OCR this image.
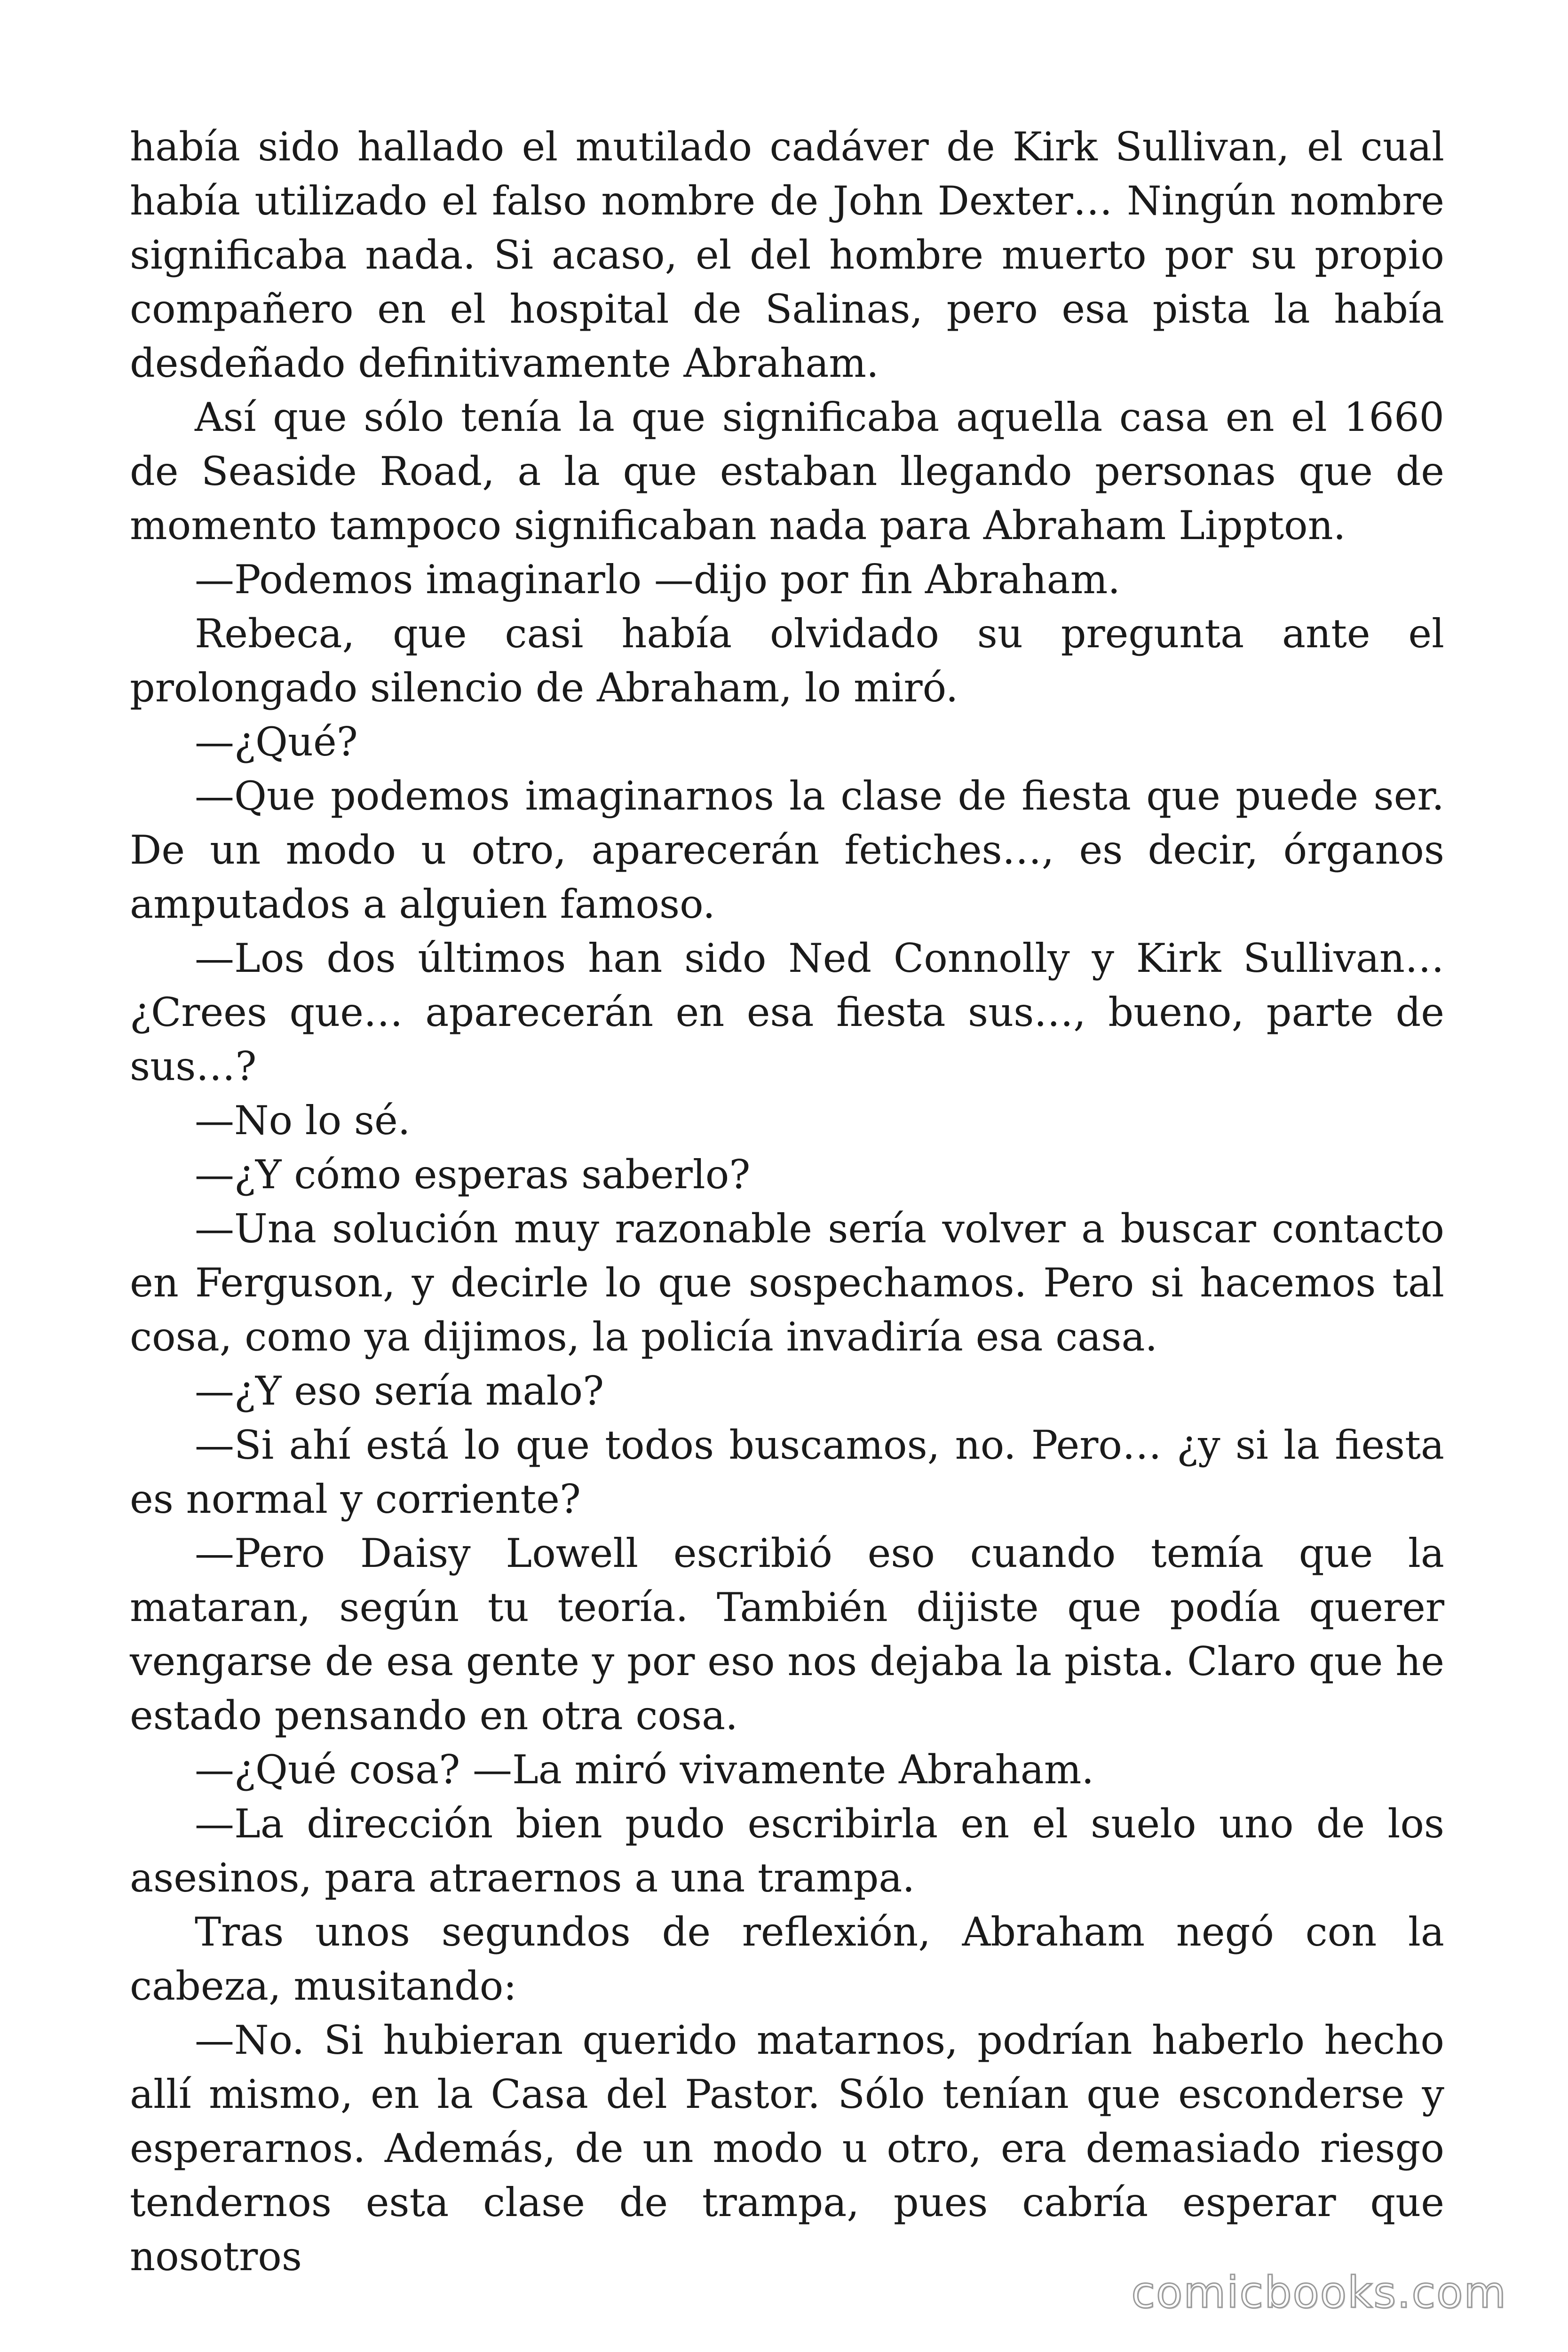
había sido hallado el mutilado cadáver de Kirk Sullivan, el cual había utilizado el falso nombre de John Dexter… Ningún nombre significaba nada. Si acaso, el del hombre muerto por su propio compañero en el hospital de Salinas, pero esa pista la había desdeñado definitivamente Abraham.

Así que sólo tenía la que significaba aquella casa en el 1660 de Seaside Road, a la que estaban llegando personas que de momento tampoco significaban nada para Abraham Lippton.

—Podemos imaginarlo —dijo por fin Abraham.

Rebeca, que casi había olvidado su pregunta ante el prolongado silencio de Abraham, lo miró.

—¿Qué?

—Que podemos imaginarnos la clase de fiesta que puede ser. De un modo u otro, aparecerán fetiches…, es decir, órganos amputados a alguien famoso.

—Los dos últimos han sido Ned Connolly y Kirk Sullivan… ¿Crees que… aparecerán en esa fiesta sus…, bueno, parte de sus…?

—No lo sé.

—¿Y cómo esperas saberlo?

—Una solución muy razonable sería volver a buscar contacto en Ferguson, y decirle lo que sospechamos. Pero si hacemos tal cosa, como ya dijimos, la policía invadiría esa casa.

—¿Y eso sería malo?

—Si ahí está lo que todos buscamos, no. Pero… ¿y si la fiesta es normal y corriente?

—Pero Daisy Lowell escribió eso cuando temía que la mataran, según tu teoría. También dijiste que podía querer vengarse de esa gente y por eso nos dejaba la pista. Claro que he estado pensando en otra cosa.

—¿Qué cosa? —La miró vivamente Abraham.

—La dirección bien pudo escribirla en el suelo uno de los asesinos, para atraernos a una trampa.

Tras unos segundos de reflexión, Abraham negó con la cabeza, musitando:

—No. Si hubieran querido matarnos, podrían haberlo hecho allí mismo, en la Casa del Pastor. Sólo tenían que esconderse y esperarnos. Además, de un modo u otro, era demasiado riesgo tendernos esta clase de trampa, pues cabría esperar que nosotros

comicbooks.com
